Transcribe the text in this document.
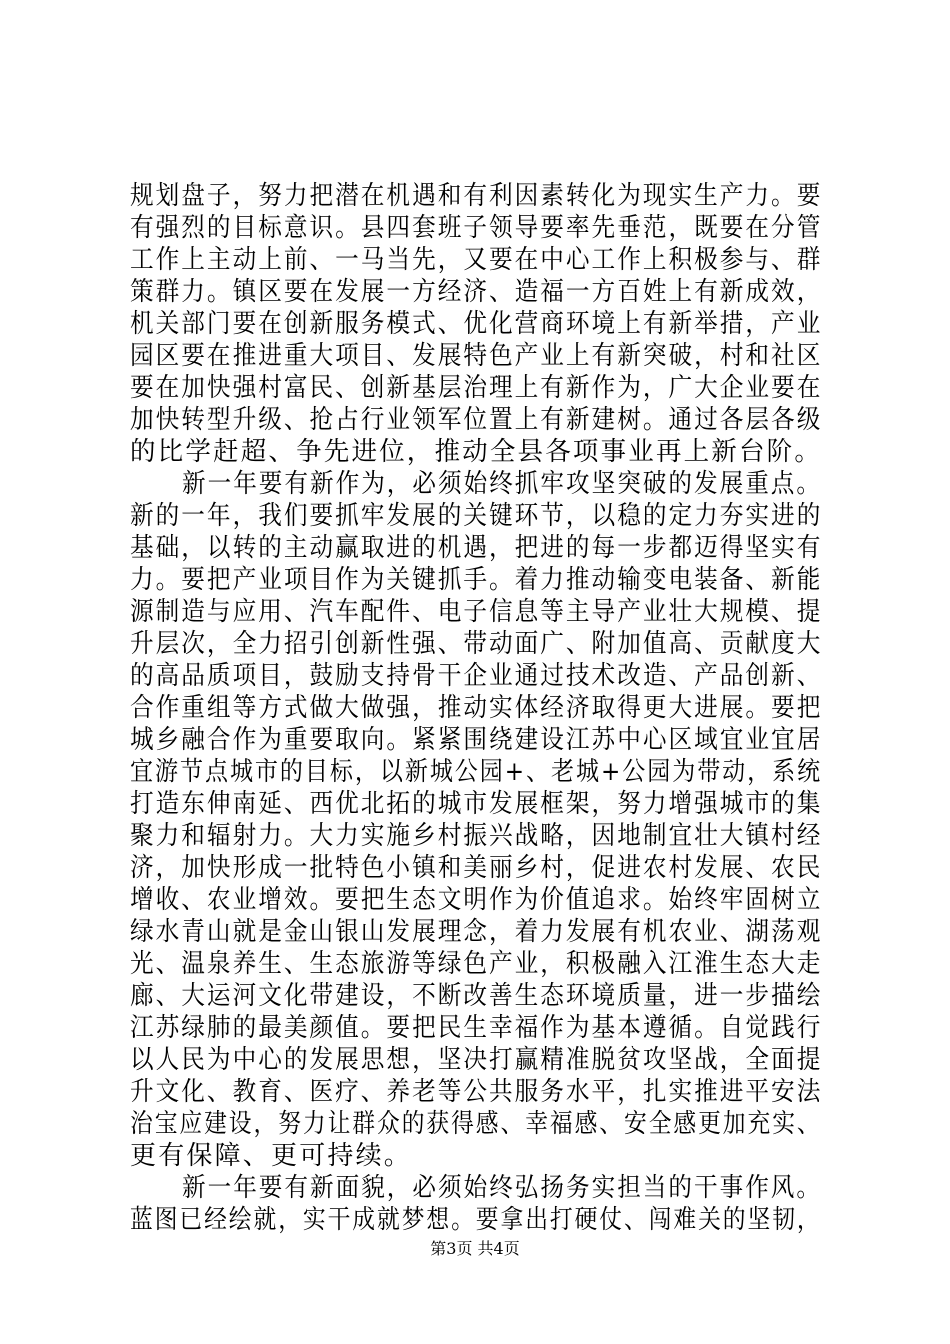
规划盘子，努力把潜在机遇和有利因素转化为现实生产力。要
有强烈的目标意识。县四套班子领导要率先垂范，既要在分管
工作上主动上前、一马当先，又要在中心工作上积极参与、群
策群力。镇区要在发展一方经济、造福一方百姓上有新成效，
机关部门要在创新服务模式、优化营商环境上有新举措，产业
园区要在推进重大项目、发展特色产业上有新突破，村和社区
要在加快强村富民、创新基层治理上有新作为，广大企业要在
加快转型升级、抢占行业领军位置上有新建树。通过各层各级
的比学赶超、争先进位，推动全县各项事业再上新台阶。
新一年要有新作为，必须始终抓牢攻坚突破的发展重点。
新的一年，我们要抓牢发展的关键环节，以稳的定力夯实进的
基础，以转的主动赢取进的机遇，把进的每一步都迈得坚实有
力。要把产业项目作为关键抓手。着力推动输变电装备、新能
源制造与应用、汽车配件、电子信息等主导产业壮大规模、提
升层次，全力招引创新性强、带动面广、附加值高、贡献度大
的高品质项目，鼓励支持骨干企业通过技术改造、产品创新、
合作重组等方式做大做强，推动实体经济取得更大进展。要把
城乡融合作为重要取向。紧紧围绕建设江苏中心区域宜业宜居
宜游节点城市的目标，以新城公园+、老城+公园为带动，系统
打造东伸南延、西优北拓的城市发展框架，努力增强城市的集
聚力和辐射力。大力实施乡村振兴战略，因地制宜壮大镇村经
济，加快形成一批特色小镇和美丽乡村，促进农村发展、农民
增收、农业增效。要把生态文明作为价值追求。始终牢固树立
绿水青山就是金山银山发展理念，着力发展有机农业、湖荡观
光、温泉养生、生态旅游等绿色产业，积极融入江淮生态大走
廊、大运河文化带建设，不断改善生态环境质量，进一步描绘
江苏绿肺的最美颜值。要把民生幸福作为基本遵循。自觉践行
以人民为中心的发展思想，坚决打赢精准脱贫攻坚战，全面提
升文化、教育、医疗、养老等公共服务水平，扎实推进平安法
治宝应建设，努力让群众的获得感、幸福感、安全感更加充实、
更有保障、更可持续。
新一年要有新面貌，必须始终弘扬务实担当的干事作风。
蓝图已经绘就，实干成就梦想。要拿出打硬仗、闯难关的坚韧，
第3页 共4页
